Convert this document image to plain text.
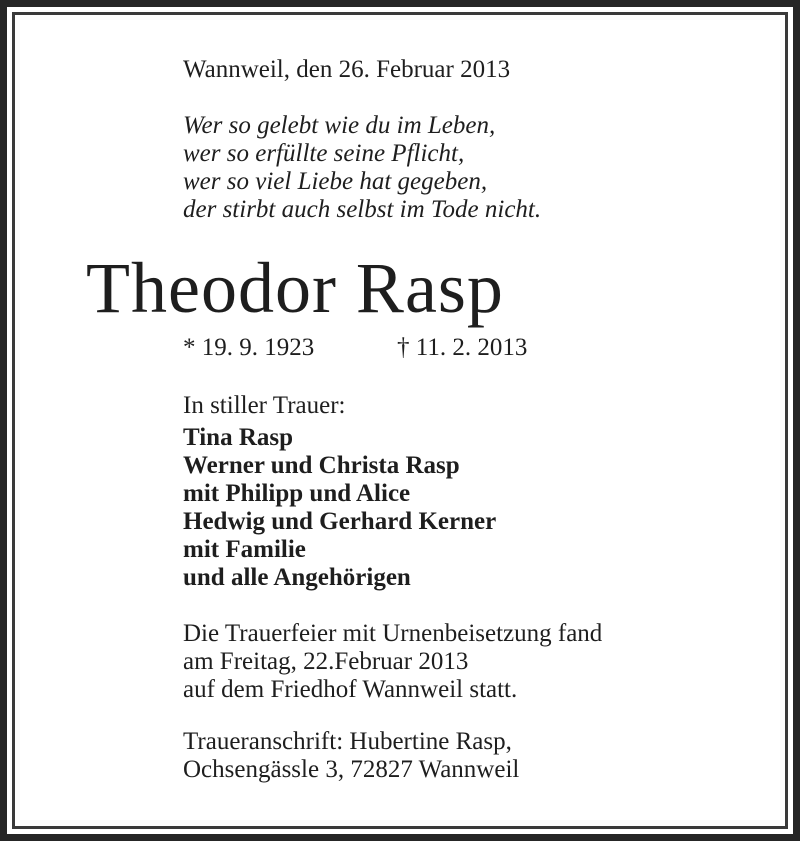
Wannweil, den 26. Februar 2013
Wer so gelebt wie du im Leben,
wer so erfüllte seine Pflicht,
wer so viel Liebe hat gegeben,
der stirbt auch selbst im Tode nicht.
Theodor Rasp
* 19. 9. 1923	† 11. 2. 2013
In stiller Trauer:
Tina Rasp
Werner und Christa Rasp
mit Philipp und Alice
Hedwig und Gerhard Kerner
mit Familie
und alle Angehörigen
Die Trauerfeier mit Urnenbeisetzung fand
am Freitag, 22.Februar 2013
auf dem Friedhof Wannweil statt.
Traueranschrift: Hubertine Rasp,
Ochsengässle 3, 72827 Wannweil
